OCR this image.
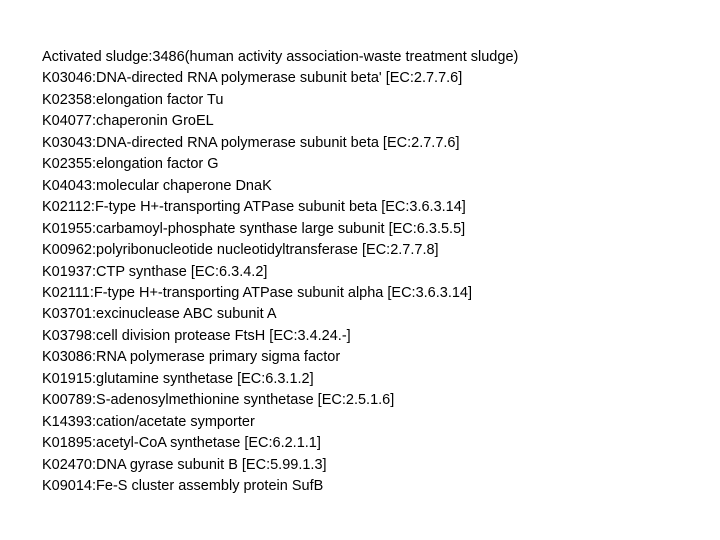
Activated sludge:3486(human activity association-waste treatment sludge)
K03046:DNA-directed RNA polymerase subunit beta' [EC:2.7.7.6]
K02358:elongation factor Tu
K04077:chaperonin GroEL
K03043:DNA-directed RNA polymerase subunit beta [EC:2.7.7.6]
K02355:elongation factor G
K04043:molecular chaperone DnaK
K02112:F-type H+-transporting ATPase subunit beta [EC:3.6.3.14]
K01955:carbamoyl-phosphate synthase large subunit [EC:6.3.5.5]
K00962:polyribonucleotide nucleotidyltransferase [EC:2.7.7.8]
K01937:CTP synthase [EC:6.3.4.2]
K02111:F-type H+-transporting ATPase subunit alpha [EC:3.6.3.14]
K03701:excinuclease ABC subunit A
K03798:cell division protease FtsH [EC:3.4.24.-]
K03086:RNA polymerase primary sigma factor
K01915:glutamine synthetase [EC:6.3.1.2]
K00789:S-adenosylmethionine synthetase [EC:2.5.1.6]
K14393:cation/acetate symporter
K01895:acetyl-CoA synthetase [EC:6.2.1.1]
K02470:DNA gyrase subunit B [EC:5.99.1.3]
K09014:Fe-S cluster assembly protein SufB
